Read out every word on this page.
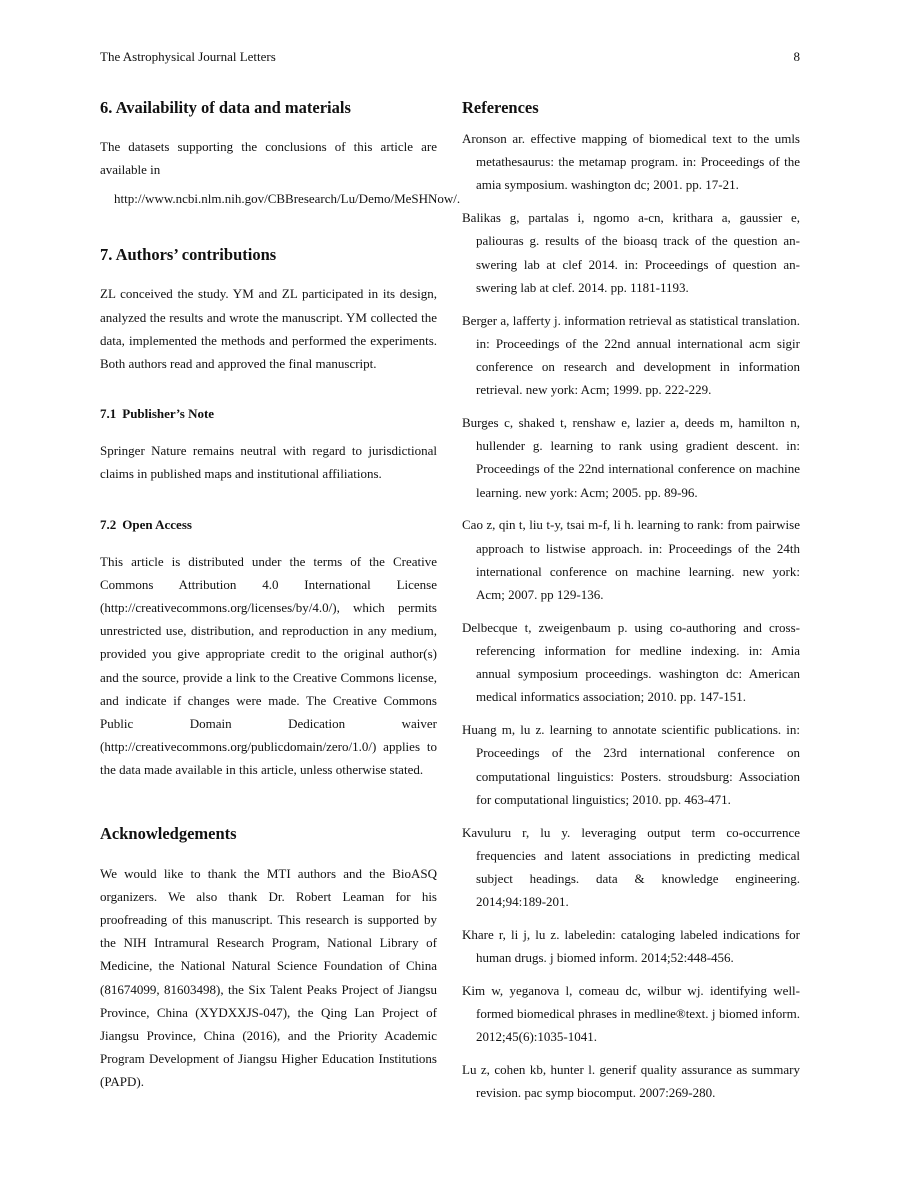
The Astrophysical Journal Letters	8
6. Availability of data and materials

The datasets supporting the conclusions of this article are available in

http://www.ncbi.nlm.nih.gov/CBBresearch/Lu/Demo/MeSHNow/.

7. Authors’ contributions

ZL conceived the study. YM and ZL participated in its design, analyzed the results and wrote the manuscript. YM collected the data, implemented the methods and performed the experiments. Both authors read and approved the final manuscript.

7.1 Publisher’s Note

Springer Nature remains neutral with regard to jurisdictional claims in published maps and institutional affiliations.

7.2 Open Access

This article is distributed under the terms of the Creative Commons Attribution 4.0 International License (http://creativecommons.org/licenses/by/4.0/), which permits unrestricted use, distribution, and reproduction in any medium, provided you give appropriate credit to the original author(s) and the source, provide a link to the Creative Commons license, and indicate if changes were made. The Creative Commons Public Domain Dedication waiver (http://creativecommons.org/publicdomain/zero/1.0/) applies to the data made available in this article, unless otherwise stated.

Acknowledgements

We would like to thank the MTI authors and the BioASQ organizers. We also thank Dr. Robert Leaman for his proofreading of this manuscript. This research is supported by the NIH Intramural Research Program, National Library of Medicine, the National Natural Science Foundation of China (81674099, 81603498), the Six Talent Peaks Project of Jiangsu Province, China (XYDXXJS-047), the Qing Lan Project of Jiangsu Province, China (2016), and the Priority Academic Program Development of Jiangsu Higher Education Institutions (PAPD).

References
Aronson ar. effective mapping of biomedical text to the umls metathesaurus: the metamap program. in: Proceedings of the amia symposium. washington dc; 2001. pp. 17-21.
Balikas g, partalas i, ngomo a-cn, krithara a, gaussier e, paliouras g. results of the bioasq track of the question answering lab at clef 2014. in: Proceedings of question answering lab at clef. 2014. pp. 1181-1193.
Berger a, lafferty j. information retrieval as statistical translation. in: Proceedings of the 22nd annual international acm sigir conference on research and development in information retrieval. new york: Acm; 1999. pp. 222-229.
Burges c, shaked t, renshaw e, lazier a, deeds m, hamilton n, hullender g. learning to rank using gradient descent. in: Proceedings of the 22nd international conference on machine learning. new york: Acm; 2005. pp. 89-96.
Cao z, qin t, liu t-y, tsai m-f, li h. learning to rank: from pairwise approach to listwise approach. in: Proceedings of the 24th international conference on machine learning. new york: Acm; 2007. pp 129-136.
Delbecque t, zweigenbaum p. using co-authoring and cross-referencing information for medline indexing. in: Amia annual symposium proceedings. washington dc: American medical informatics association; 2010. pp. 147-151.
Huang m, lu z. learning to annotate scientific publications. in: Proceedings of the 23rd international conference on computational linguistics: Posters. stroudsburg: Association for computational linguistics; 2010. pp. 463-471.
Kavuluru r, lu y. leveraging output term co-occurrence frequencies and latent associations in predicting medical subject headings. data & knowledge engineering. 2014;94:189-201.
Khare r, li j, lu z. labeledin: cataloging labeled indications for human drugs. j biomed inform. 2014;52:448-456.
Kim w, yeganova l, comeau dc, wilbur wj. identifying well-formed biomedical phrases in medline®text. j biomed inform. 2012;45(6):1035-1041.
Lu z, cohen kb, hunter l. generif quality assurance as summary revision. pac symp biocomput. 2007:269-280.
